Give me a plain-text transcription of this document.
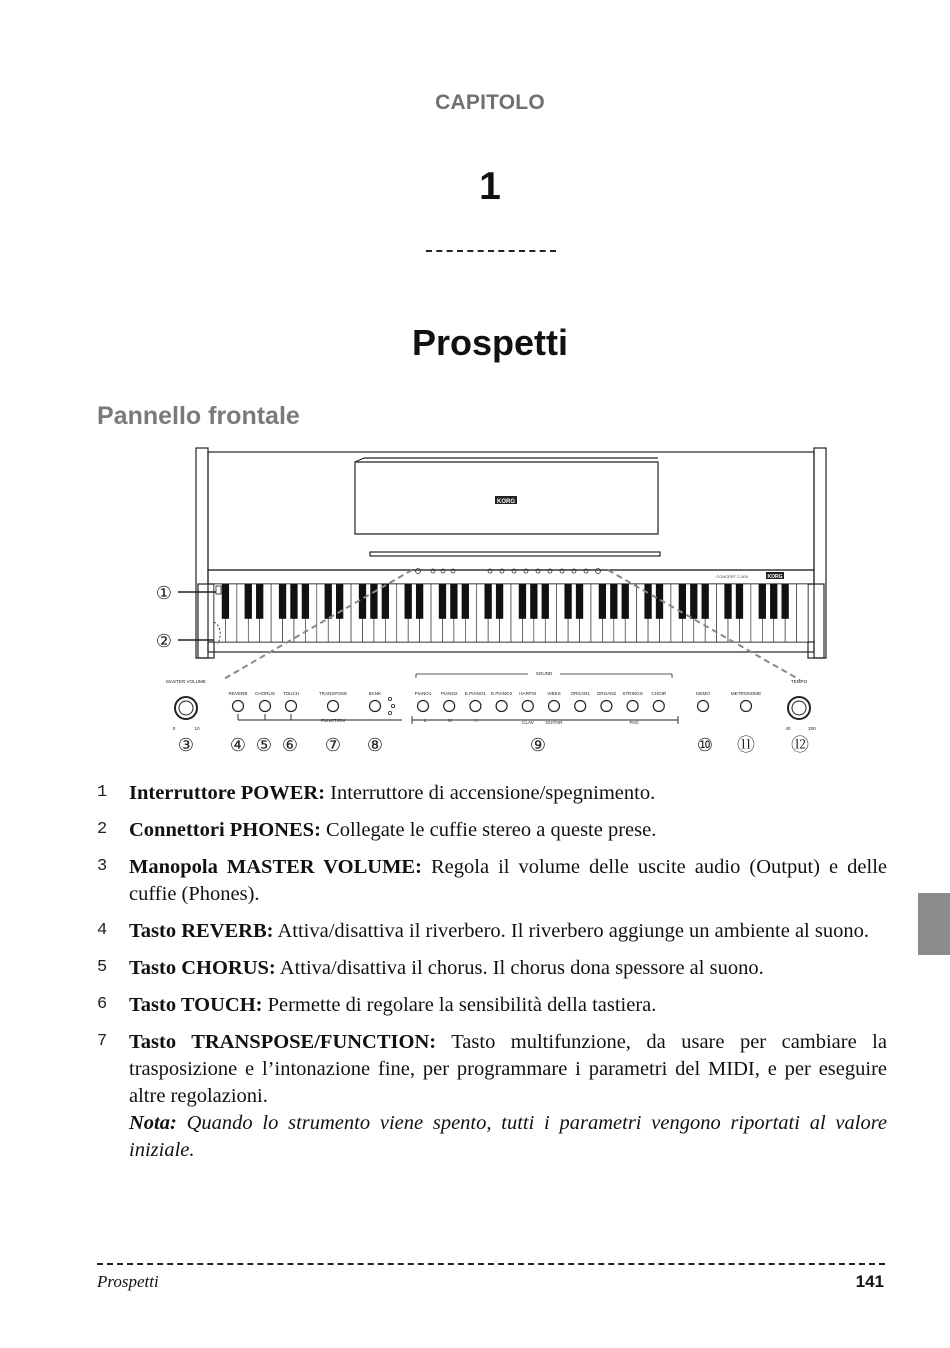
CAPITOLO
1
Prospetti
Pannello frontale
KORG
KORG
CONCERT C-500
MASTER VOLUME
0	10
REVERB CHORUS TOUCH	TRANSPOSE
FUNCTION
BANK
SOUND
PIANO1 PIANO2 E.PIANO1 E.PIANO2 HARPSI VIBES ORGAN1 ORGAN2 STRINGS CHOIR
L	M	H	CLAV	GUITAR	PAD
DEMO	METRONOME
TEMPO
40	200
①
②
③ ④ ⑤ ⑥ ⑦ ⑧	⑨	⑩ ⑪ ⑫
1	Interruttore POWER: Interruttore di accensione/spegnimento.
2	Connettori PHONES: Collegate le cuffie stereo a queste prese.
3	Manopola MASTER VOLUME: Regola il volume delle uscite audio (Output) e delle cuffie (Phones).
4	Tasto REVERB: Attiva/disattiva il riverbero. Il riverbero aggiunge un ambiente al suono.
5	Tasto CHORUS: Attiva/disattiva il chorus. Il chorus dona spessore al suono.
6	Tasto TOUCH: Permette di regolare la sensibilità della tastiera.
7	Tasto TRANSPOSE/FUNCTION: Tasto multifunzione, da usare per cambiare la trasposizione e l’intonazione fine, per programmare i parametri del MIDI, e per eseguire altre regolazioni.
Nota: Quando lo strumento viene spento, tutti i parametri vengono riportati al valore iniziale.
Prospetti	141
